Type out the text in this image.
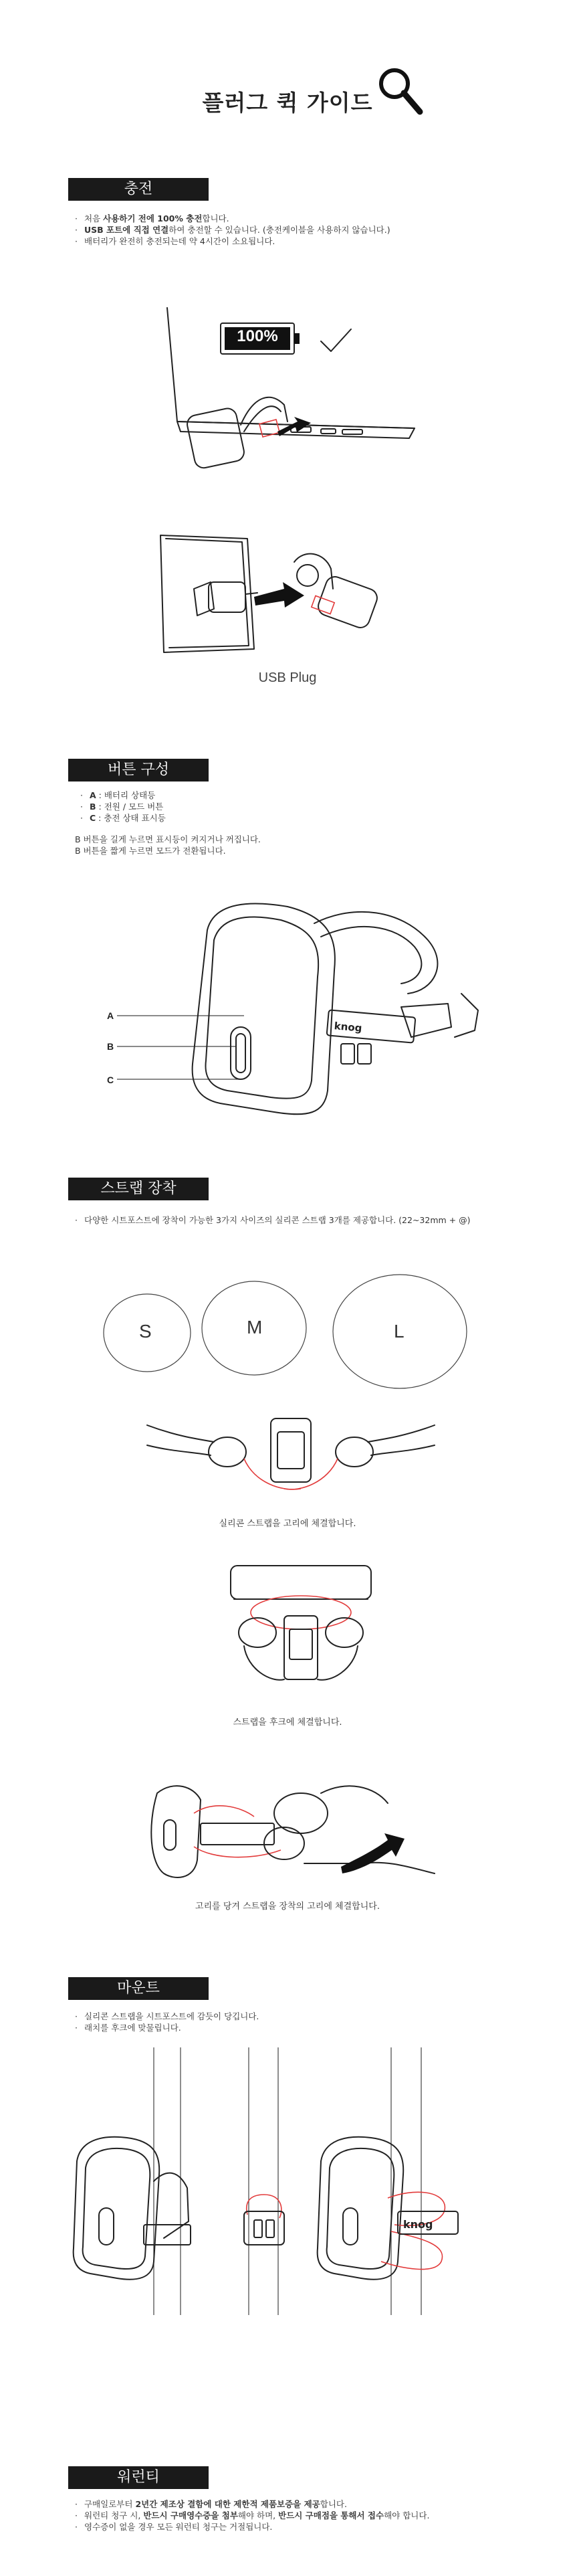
플러그 퀵 가이드
충전
· 처음 사용하기 전에 100% 충전합니다.
· USB 포트에 직접 연결하여 충전할 수 있습니다. (충전케이블을 사용하지 않습니다.)
· 배터리가 완전히 충전되는데 약 4시간이 소요됩니다.
USB Plug
버튼 구성
· A : 배터리 상태등
· B : 전원 / 모드 버튼
· C : 충전 상태 표시등
B 버튼을 길게 누르면 표시등이 켜지거나 꺼집니다.
B 버튼을 짧게 누르면 모드가 전환됩니다.
A
B
C
knog
스트랩 장착
· 다양한 시트포스트에 장착이 가능한 3가지 사이즈의 실리콘 스트랩 3개를 제공합니다. (22~32mm + @)
S	M	L
실리콘 스트랩을 고리에 체결합니다.
스트랩을 후크에 체결합니다.
고리를 당겨 스트랩을 장착의 고리에 체결합니다.
마운트
· 실리콘 스트랩을 시트포스트에 감듯이 당깁니다.
· 래치를 후크에 맞물립니다.
knog
워런티
· 구매일로부터 2년간 제조상 결함에 대한 제한적 제품보증을 제공합니다.
· 워런티 청구 시, 반드시 구매영수증을 첨부해야 하며, 반드시 구매점을 통해서 접수해야 합니다.
· 영수증이 없을 경우 모든 워런티 청구는 거절됩니다.
100%
